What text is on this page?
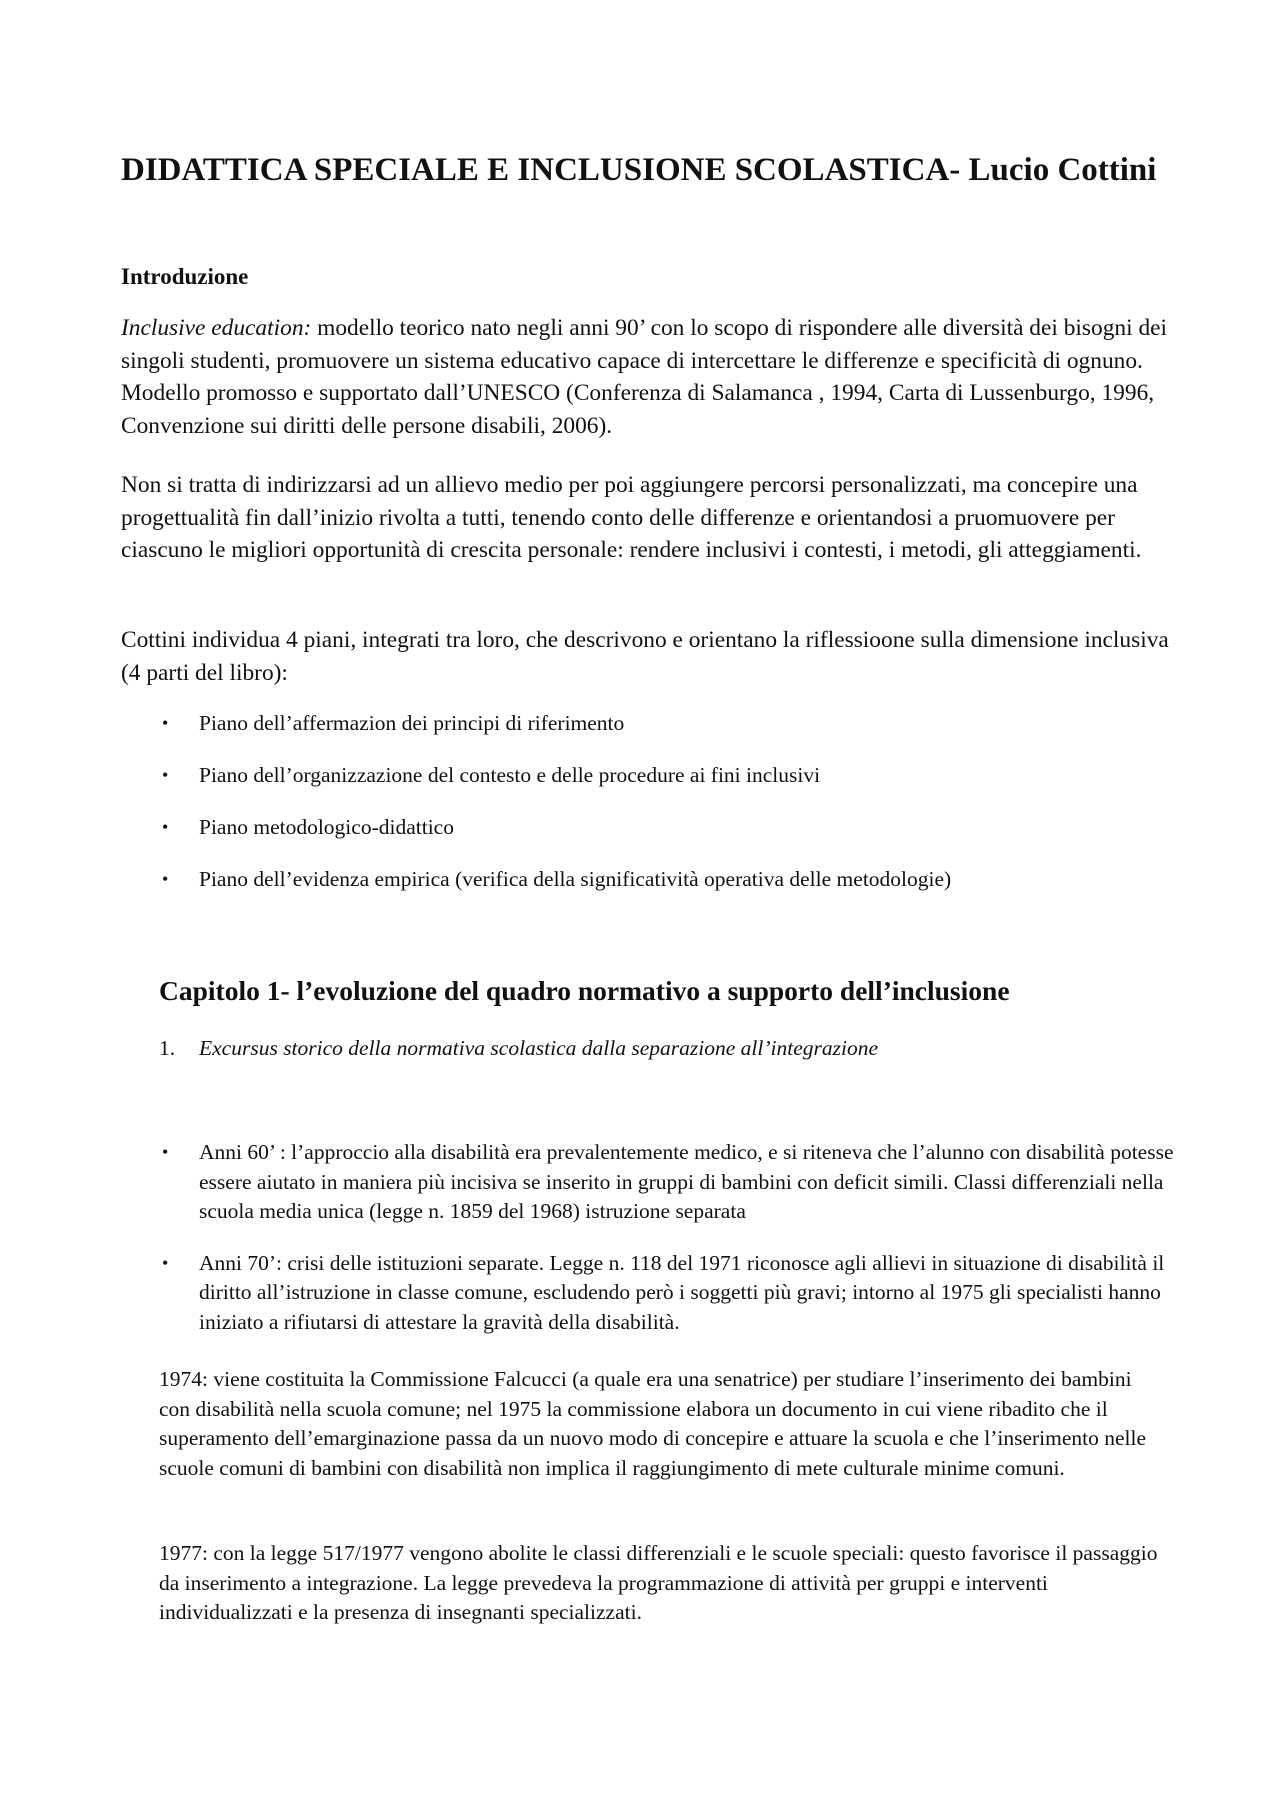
DIDATTICA SPECIALE E INCLUSIONE SCOLASTICA- Lucio Cottini
Introduzione

Inclusive education: modello teorico nato negli anni 90’ con lo scopo di rispondere alle diversità dei bisogni dei singoli studenti, promuovere un sistema educativo capace di intercettare le differenze e specificità di ognuno. Modello promosso e supportato dall’UNESCO (Conferenza di Salamanca , 1994, Carta di Lussenburgo, 1996, Convenzione sui diritti delle persone disabili, 2006).

Non si tratta di indirizzarsi ad un allievo medio per poi aggiungere percorsi personalizzati, ma concepire una progettualità fin dall’inizio rivolta a tutti, tenendo conto delle differenze e orientandosi a pruomuovere per ciascuno le migliori opportunità di crescita personale: rendere inclusivi i contesti, i metodi, gli atteggiamenti.

Cottini individua 4 piani, integrati tra loro, che descrivono e orientano la riflessioone sulla dimensione inclusiva (4 parti del libro):

• Piano dell’affermazion dei principi di riferimento
• Piano dell’organizzazione del contesto e delle procedure ai fini inclusivi
• Piano metodologico-didattico
• Piano dell’evidenza empirica (verifica della significatività operativa delle metodologie)
Capitolo 1- l’evoluzione del quadro normativo a supporto dell’inclusione

1. Excursus storico della normativa scolastica dalla separazione all’integrazione

• Anni 60’ : l’approccio alla disabilità era prevalentemente medico, e si riteneva che l’alunno con disabilità potesse essere aiutato in maniera più incisiva se inserito in gruppi di bambini con deficit simili. Classi differenziali nella scuola media unica (legge n. 1859 del 1968) istruzione separata
• Anni 70’: crisi delle istituzioni separate. Legge n. 118 del 1971 riconosce agli allievi in situazione di disabilità il diritto all’istruzione in classe comune, escludendo però i soggetti più gravi; intorno al 1975 gli specialisti hanno iniziato a rifiutarsi di attestare la gravità della disabilità.

1974: viene costituita la Commissione Falcucci (a quale era una senatrice) per studiare l’inserimento dei bambini con disabilità nella scuola comune; nel 1975 la commissione elabora un documento in cui viene ribadito che il superamento dell’emarginazione passa da un nuovo modo di concepire e attuare la scuola e che l’inserimento nelle scuole comuni di bambini con disabilità non implica il raggiungimento di mete culturale minime comuni.

1977: con la legge 517/1977 vengono abolite le classi differenziali e le scuole speciali: questo favorisce il passaggio da inserimento a integrazione. La legge prevedeva la programmazione di attività per gruppi e interventi individualizzati e la presenza di insegnanti specializzati.
